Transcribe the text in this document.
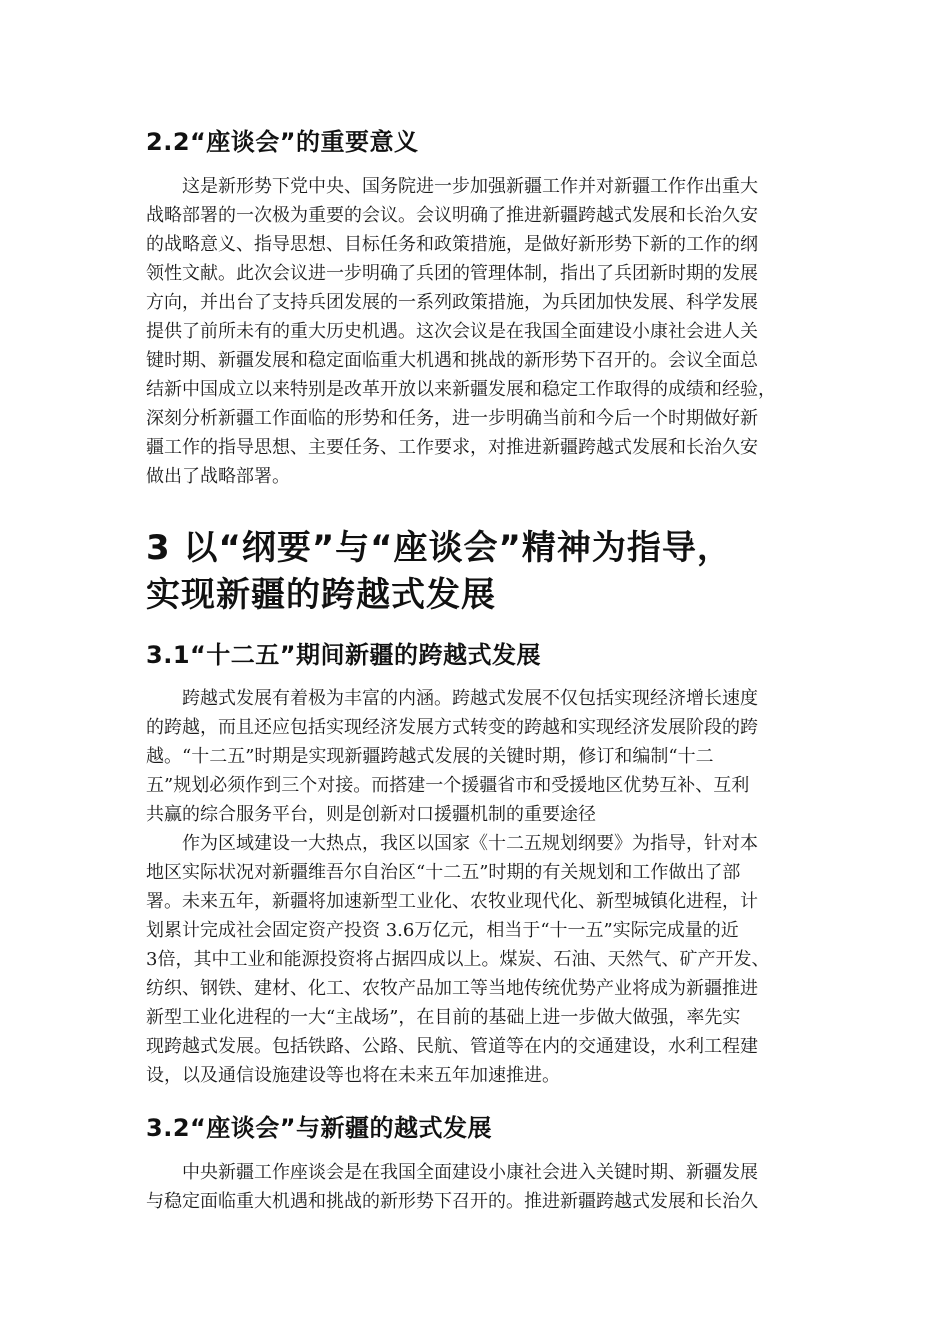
2.2“座谈会”的重要意义
这是新形势下党中央、国务院进一步加强新疆工作并对新疆工作作出重大
战略部署的一次极为重要的会议。会议明确了推进新疆跨越式发展和长治久安
的战略意义、指导思想、目标任务和政策措施，是做好新形势下新的工作的纲
领性文献。此次会议进一步明确了兵团的管理体制，指出了兵团新时期的发展
方向，并出台了支持兵团发展的一系列政策措施，为兵团加快发展、科学发展
提供了前所未有的重大历史机遇。这次会议是在我国全面建设小康社会进人关
键时期、新疆发展和稳定面临重大机遇和挑战的新形势下召开的。会议全面总
结新中国成立以来特别是改革开放以来新疆发展和稳定工作取得的成绩和经验，
深刻分析新疆工作面临的形势和任务，进一步明确当前和今后一个时期做好新
疆工作的指导思想、主要任务、工作要求，对推进新疆跨越式发展和长治久安
做出了战略部署。
3 以“纲要”与“座谈会”精神为指导，
实现新疆的跨越式发展
3.1“十二五”期间新疆的跨越式发展
跨越式发展有着极为丰富的内涵。跨越式发展不仅包括实现经济增长速度
的跨越，而且还应包括实现经济发展方式转变的跨越和实现经济发展阶段的跨
越。“十二五”时期是实现新疆跨越式发展的关键时期，修订和编制“十二
五”规划必须作到三个对接。而搭建一个援疆省市和受援地区优势互补、互利
共赢的综合服务平台，则是创新对口援疆机制的重要途径
作为区域建设一大热点，我区以国家《十二五规划纲要》为指导，针对本
地区实际状况对新疆维吾尔自治区“十二五”时期的有关规划和工作做出了部
署。未来五年，新疆将加速新型工业化、农牧业现代化、新型城镇化进程，计
划累计完成社会固定资产投资 3.6万亿元，相当于“十一五”实际完成量的近
3倍，其中工业和能源投资将占据四成以上。煤炭、石油、天然气、矿产开发、
纺织、钢铁、建材、化工、农牧产品加工等当地传统优势产业将成为新疆推进
新型工业化进程的一大“主战场”，在目前的基础上进一步做大做强，率先实
现跨越式发展。包括铁路、公路、民航、管道等在内的交通建设，水利工程建
设，以及通信设施建设等也将在未来五年加速推进。
3.2“座谈会”与新疆的越式发展
中央新疆工作座谈会是在我国全面建设小康社会进入关键时期、新疆发展
与稳定面临重大机遇和挑战的新形势下召开的。推进新疆跨越式发展和长治久
